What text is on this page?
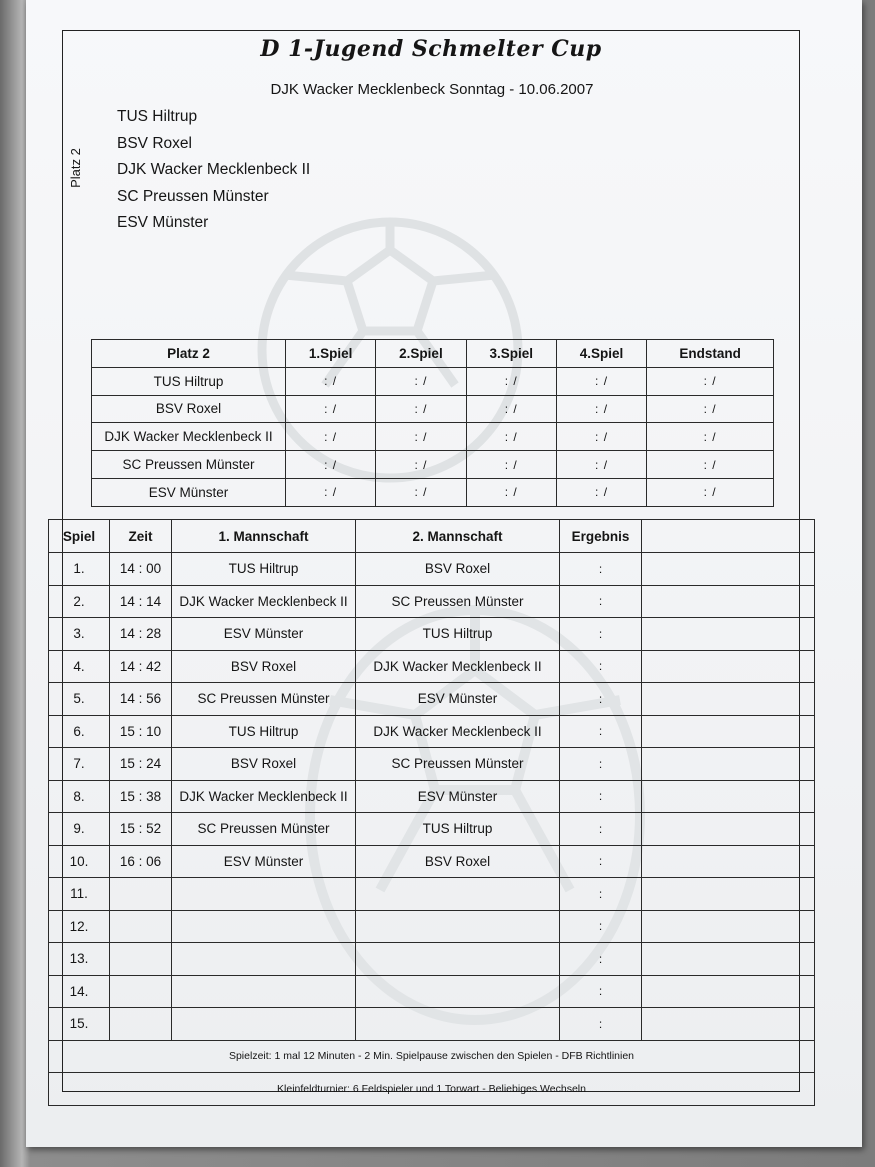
D 1-Jugend Schmelter Cup
DJK Wacker Mecklenbeck Sonntag - 10.06.2007
Platz 2
TUS Hiltrup
BSV Roxel
DJK Wacker Mecklenbeck II
SC Preussen Münster
ESV Münster
Platz 2	1.Spiel	2.Spiel	3.Spiel	4.Spiel	Endstand
TUS Hiltrup	: /	: /	: /	: /	: /
BSV Roxel	: /	: /	: /	: /	: /
DJK Wacker Mecklenbeck II	: /	: /	: /	: /	: /
SC Preussen Münster	: /	: /	: /	: /	: /
ESV Münster	: /	: /	: /	: /	: /
Spiel	Zeit	1. Mannschaft	2. Mannschaft	Ergebnis	
1.	14 : 00	TUS Hiltrup	BSV Roxel	:	
2.	14 : 14	DJK Wacker Mecklenbeck II	SC Preussen Münster	:	
3.	14 : 28	ESV Münster	TUS Hiltrup	:	
4.	14 : 42	BSV Roxel	DJK Wacker Mecklenbeck II	:	
5.	14 : 56	SC Preussen Münster	ESV Münster	:	
6.	15 : 10	TUS Hiltrup	DJK Wacker Mecklenbeck II	:	
7.	15 : 24	BSV Roxel	SC Preussen Münster	:	
8.	15 : 38	DJK Wacker Mecklenbeck II	ESV Münster	:	
9.	15 : 52	SC Preussen Münster	TUS Hiltrup	:	
10.	16 : 06	ESV Münster	BSV Roxel	:	
11.				:	
12.				:	
13.				:	
14.				:	
15.				:	
Spielzeit: 1 mal 12 Minuten - 2 Min. Spielpause zwischen den Spielen - DFB Richtlinien					
Kleinfeldturnier: 6 Feldspieler und 1 Torwart - Beliebiges Wechseln					
